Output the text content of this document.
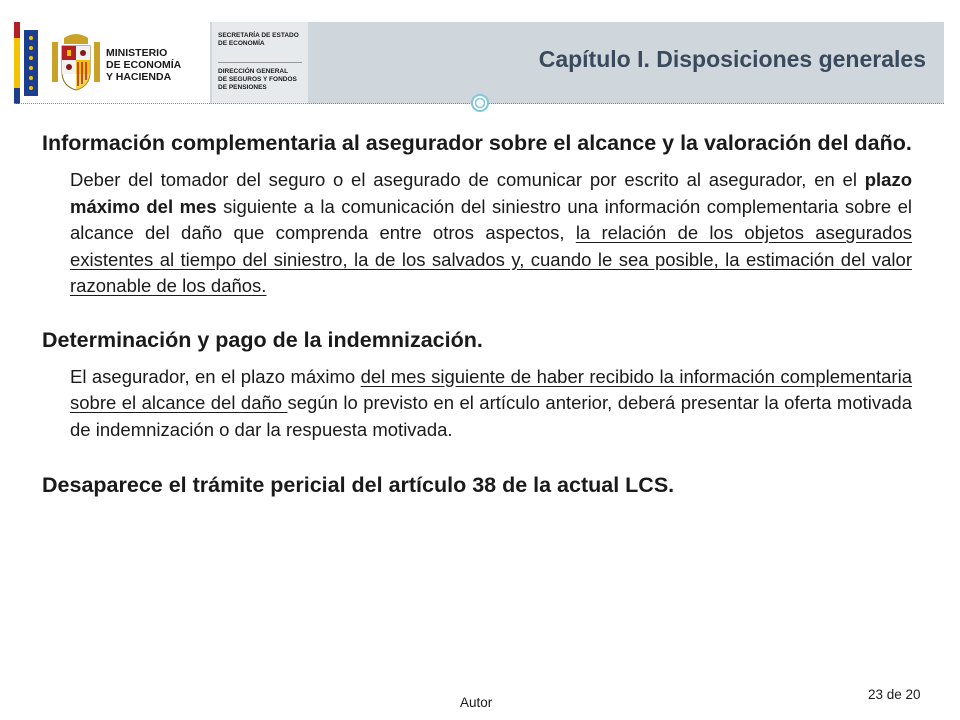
MINISTERIO
DE ECONOMÍA
Y HACIENDA
SECRETARÍA DE ESTADO
DE ECONOMÍA
DIRECCIÓN GENERAL
DE SEGUROS Y FONDOS
DE PENSIONES
Capítulo I. Disposiciones generales

Información complementaria al asegurador sobre el alcance y la valoración del daño.

Deber del tomador del seguro o el asegurado de comunicar por escrito al asegurador, en el plazo máximo del mes siguiente a la comunicación del siniestro una información complementaria sobre el alcance del daño que comprenda entre otros aspectos, la relación de los objetos asegurados existentes al tiempo del siniestro, la de los salvados y, cuando le sea posible, la estimación del valor razonable de los daños.

Determinación y pago de la indemnización.

El asegurador, en el plazo máximo del mes siguiente de haber recibido la información complementaria sobre el alcance del daño según lo previsto en el artículo anterior, deberá presentar la oferta motivada de indemnización o dar la respuesta motivada.

Desaparece el trámite pericial del artículo 38 de la actual LCS.

Autor
23 de 20
